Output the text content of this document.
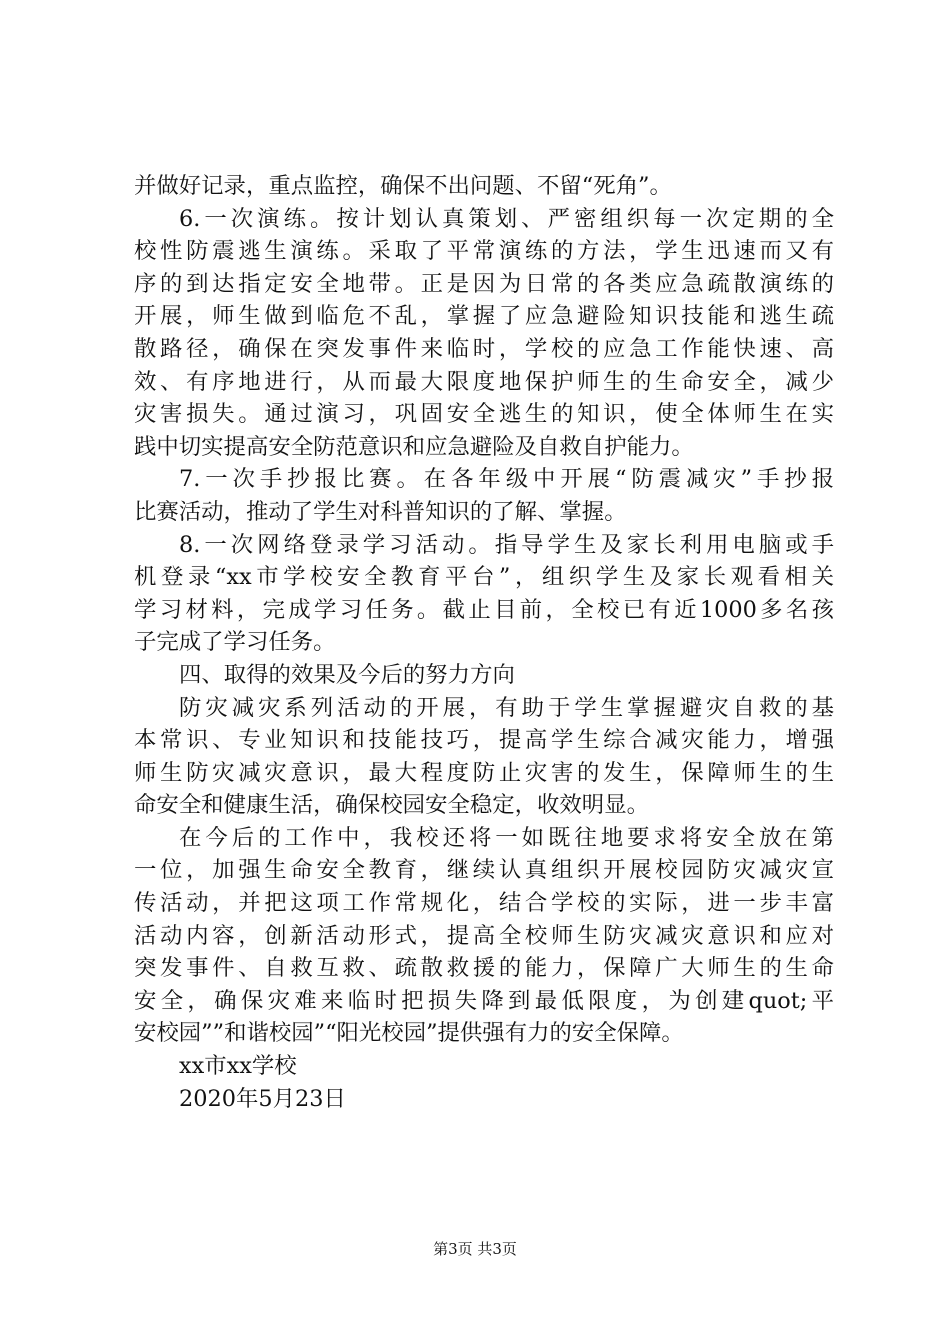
并做好记录，重点监控，确保不出问题、不留“死角”。
6.一次演练。按计划认真策划、严密组织每一次定期的全
校性防震逃生演练。采取了平常演练的方法，学生迅速而又有
序的到达指定安全地带。正是因为日常的各类应急疏散演练的
开展，师生做到临危不乱，掌握了应急避险知识技能和逃生疏
散路径，确保在突发事件来临时，学校的应急工作能快速、高
效、有序地进行，从而最大限度地保护师生的生命安全，减少
灾害损失。通过演习，巩固安全逃生的知识，使全体师生在实
践中切实提高安全防范意识和应急避险及自救自护能力。
7.一次手抄报比赛。在各年级中开展“防震减灾”手抄报
比赛活动，推动了学生对科普知识的了解、掌握。
8.一次网络登录学习活动。指导学生及家长利用电脑或手
机登录“xx市学校安全教育平台”，组织学生及家长观看相关
学习材料，完成学习任务。截止目前，全校已有近1000多名孩
子完成了学习任务。
四、取得的效果及今后的努力方向
防灾减灾系列活动的开展，有助于学生掌握避灾自救的基
本常识、专业知识和技能技巧，提高学生综合减灾能力，增强
师生防灾减灾意识，最大程度防止灾害的发生，保障师生的生
命安全和健康生活，确保校园安全稳定，收效明显。
在今后的工作中，我校还将一如既往地要求将安全放在第
一位，加强生命安全教育，继续认真组织开展校园防灾减灾宣
传活动，并把这项工作常规化，结合学校的实际，进一步丰富
活动内容，创新活动形式，提高全校师生防灾减灾意识和应对
突发事件、自救互救、疏散救援的能力，保障广大师生的生命
安全，确保灾难来临时把损失降到最低限度，为创建quot;平
安校园””和谐校园”“阳光校园”提供强有力的安全保障。
xx市xx学校
2020年5月23日
第3页 共3页
